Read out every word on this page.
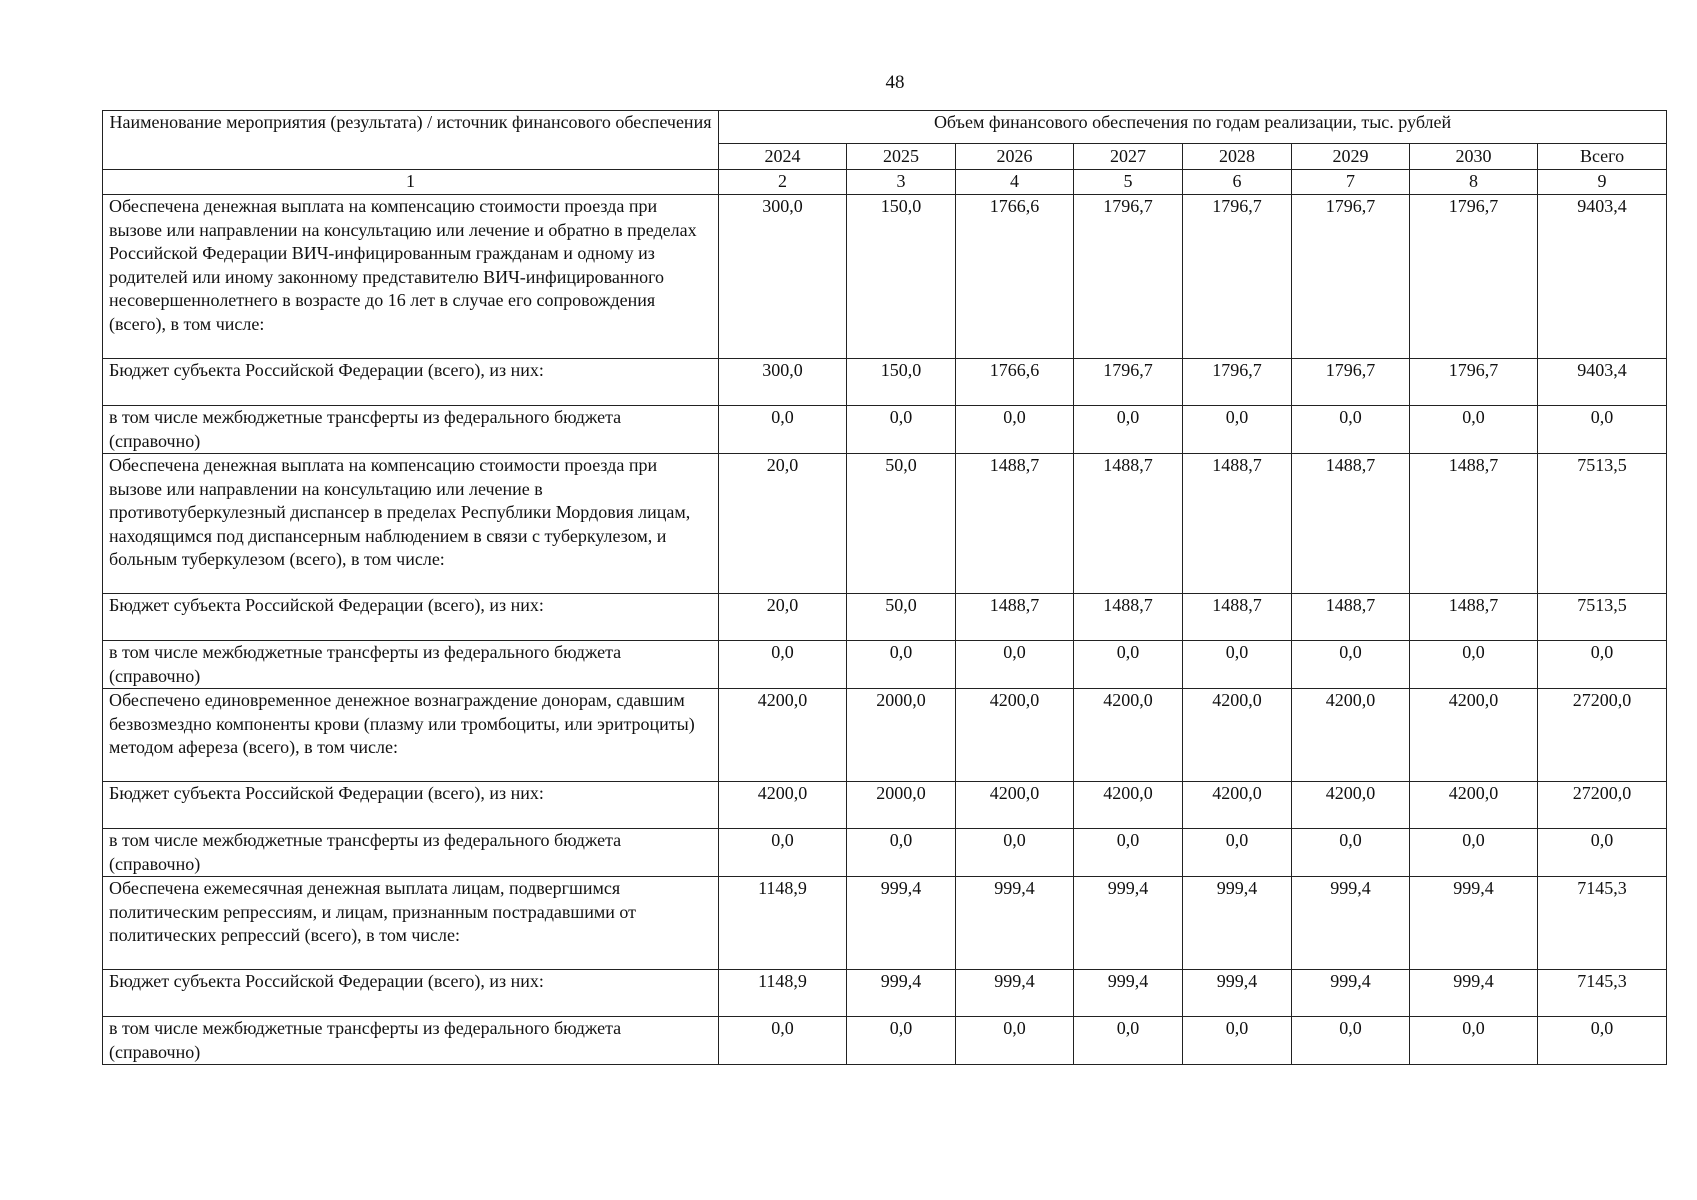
48
Наименование мероприятия (результата) / источник финансового обеспечения	Объем финансового обеспечения по годам реализации, тыс. рублей							
	2024	2025	2026	2027	2028	2029	2030	Всего
1	2	3	4	5	6	7	8	9
Обеспечена денежная выплата на компенсацию стоимости проезда при вызове или направлении на консультацию или лечение и обратно в пределах Российской Федерации ВИЧ-инфицированным гражданам и одному из родителей или иному законному представителю ВИЧ-инфицированного несовершеннолетнего в возрасте до 16 лет в случае его сопровождения (всего), в том числе:	300,0	150,0	1766,6	1796,7	1796,7	1796,7	1796,7	9403,4
Бюджет субъекта Российской Федерации (всего), из них:	300,0	150,0	1766,6	1796,7	1796,7	1796,7	1796,7	9403,4
в том числе межбюджетные трансферты из федерального бюджета (справочно)	0,0	0,0	0,0	0,0	0,0	0,0	0,0	0,0
Обеспечена денежная выплата на компенсацию стоимости проезда при вызове или направлении на консультацию или лечение в противотуберкулезный диспансер в пределах Республики Мордовия лицам, находящимся под диспансерным наблюдением в связи с туберкулезом, и больным туберкулезом (всего), в том числе:	20,0	50,0	1488,7	1488,7	1488,7	1488,7	1488,7	7513,5
Бюджет субъекта Российской Федерации (всего), из них:	20,0	50,0	1488,7	1488,7	1488,7	1488,7	1488,7	7513,5
в том числе межбюджетные трансферты из федерального бюджета (справочно)	0,0	0,0	0,0	0,0	0,0	0,0	0,0	0,0
Обеспечено единовременное денежное вознаграждение донорам, сдавшим безвозмездно компоненты крови (плазму или тромбоциты, или эритроциты) методом афереза (всего), в том числе:	4200,0	2000,0	4200,0	4200,0	4200,0	4200,0	4200,0	27200,0
Бюджет субъекта Российской Федерации (всего), из них:	4200,0	2000,0	4200,0	4200,0	4200,0	4200,0	4200,0	27200,0
в том числе межбюджетные трансферты из федерального бюджета (справочно)	0,0	0,0	0,0	0,0	0,0	0,0	0,0	0,0
Обеспечена ежемесячная денежная выплата лицам, подвергшимся политическим репрессиям, и лицам, признанным пострадавшими от политических репрессий (всего), в том числе:	1148,9	999,4	999,4	999,4	999,4	999,4	999,4	7145,3
Бюджет субъекта Российской Федерации (всего), из них:	1148,9	999,4	999,4	999,4	999,4	999,4	999,4	7145,3
в том числе межбюджетные трансферты из федерального бюджета (справочно)	0,0	0,0	0,0	0,0	0,0	0,0	0,0	0,0
